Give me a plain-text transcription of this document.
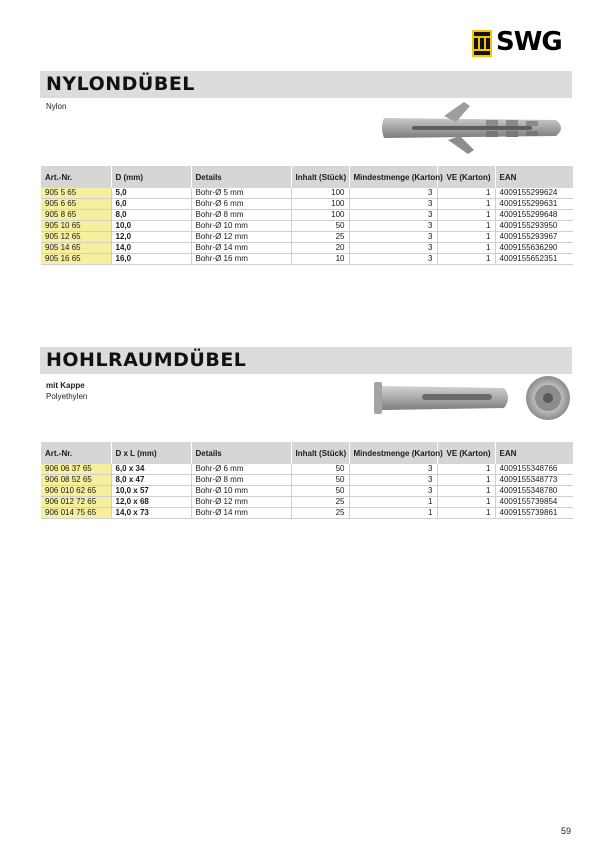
SWG
NYLONDÜBEL
Nylon
Art.-Nr.	D (mm)	Details	Inhalt (Stück)	Mindestmenge (Karton)	VE (Karton)	EAN
905 5 65	5,0	Bohr-Ø 5 mm	100	3	1	4009155299624
905 6 65	6,0	Bohr-Ø 6 mm	100	3	1	4009155299631
905 8 65	8,0	Bohr-Ø 8 mm	100	3	1	4009155299648
905 10 65	10,0	Bohr-Ø 10 mm	50	3	1	4009155293950
905 12 65	12,0	Bohr-Ø 12 mm	25	3	1	4009155293967
905 14 65	14,0	Bohr-Ø 14 mm	20	3	1	4009155636290
905 16 65	16,0	Bohr-Ø 16 mm	10	3	1	4009155652351
HOHLRAUMDÜBEL
mit Kappe
Polyethylen
Art.-Nr.	D x L (mm)	Details	Inhalt (Stück)	Mindestmenge (Karton)	VE (Karton)	EAN
906 06 37 65	6,0 x 34	Bohr-Ø 6 mm	50	3	1	4009155348766
906 08 52 65	8,0 x 47	Bohr-Ø 8 mm	50	3	1	4009155348773
906 010 62 65	10,0 x 57	Bohr-Ø 10 mm	50	3	1	4009155348780
906 012 72 65	12,0 x 68	Bohr-Ø 12 mm	25	1	1	4009155739854
906 014 75 65	14,0 x 73	Bohr-Ø 14 mm	25	1	1	4009155739861
59
